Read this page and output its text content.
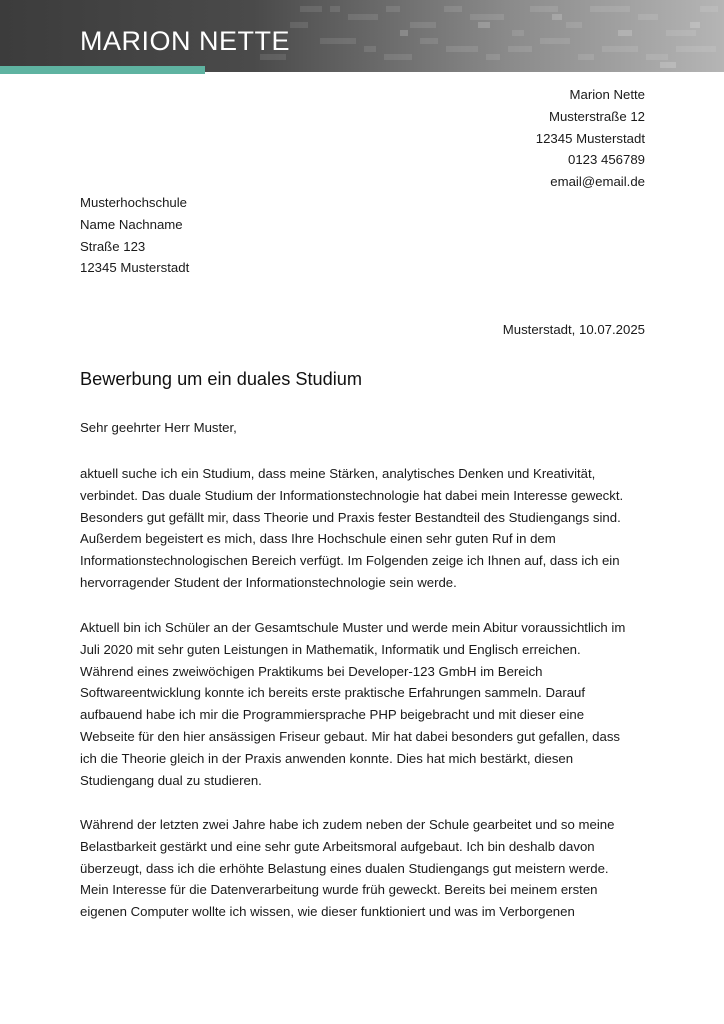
MARION NETTE
Marion Nette
Musterstraße 12
12345 Musterstadt
0123 456789
email@email.de
Musterhochschule
Name Nachname
Straße 123
12345 Musterstadt
Musterstadt, 10.07.2025
Bewerbung um ein duales Studium
Sehr geehrter Herr Muster,

aktuell suche ich ein Studium, dass meine Stärken, analytisches Denken und Kreativität,
verbindet. Das duale Studium der Informationstechnologie hat dabei mein Interesse geweckt.
Besonders gut gefällt mir, dass Theorie und Praxis fester Bestandteil des Studiengangs sind.
Außerdem begeistert es mich, dass Ihre Hochschule einen sehr guten Ruf in dem
Informationstechnologischen Bereich verfügt. Im Folgenden zeige ich Ihnen auf, dass ich ein
hervorragender Student der Informationstechnologie sein werde.

Aktuell bin ich Schüler an der Gesamtschule Muster und werde mein Abitur voraussichtlich im
Juli 2020 mit sehr guten Leistungen in Mathematik, Informatik und Englisch erreichen.
Während eines zweiwöchigen Praktikums bei Developer-123 GmbH im Bereich
Softwareentwicklung konnte ich bereits erste praktische Erfahrungen sammeln. Darauf
aufbauend habe ich mir die Programmiersprache PHP beigebracht und mit dieser eine
Webseite für den hier ansässigen Friseur gebaut. Mir hat dabei besonders gut gefallen, dass
ich die Theorie gleich in der Praxis anwenden konnte. Dies hat mich bestärkt, diesen
Studiengang dual zu studieren.

Während der letzten zwei Jahre habe ich zudem neben der Schule gearbeitet und so meine
Belastbarkeit gestärkt und eine sehr gute Arbeitsmoral aufgebaut. Ich bin deshalb davon
überzeugt, dass ich die erhöhte Belastung eines dualen Studiengangs gut meistern werde.
Mein Interesse für die Datenverarbeitung wurde früh geweckt. Bereits bei meinem ersten
eigenen Computer wollte ich wissen, wie dieser funktioniert und was im Verborgenen
